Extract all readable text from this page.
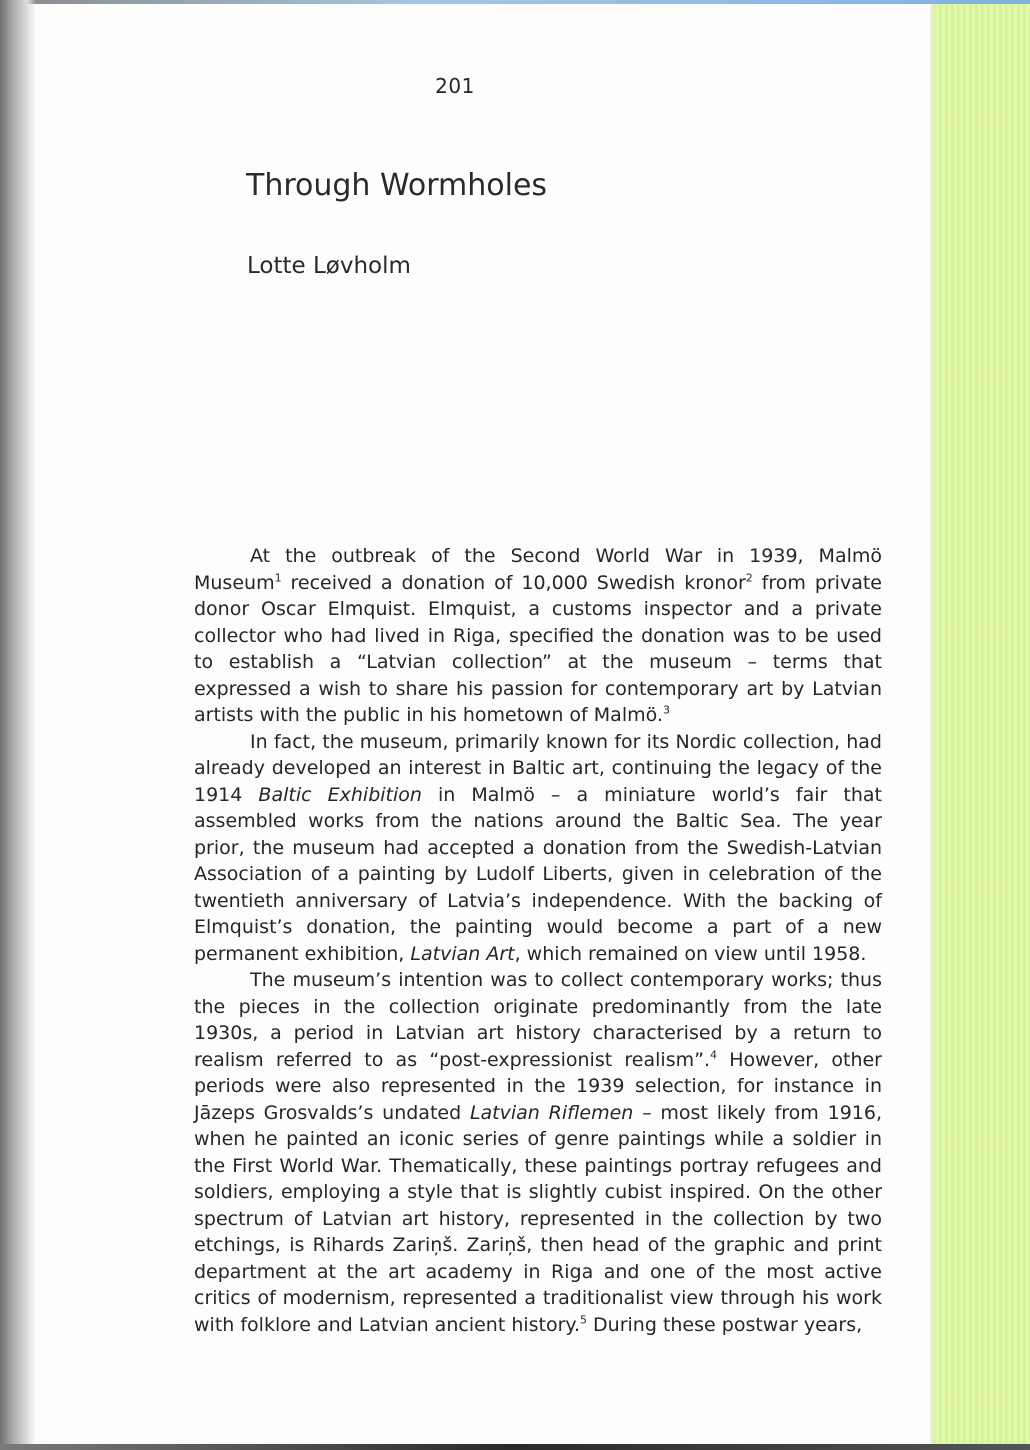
201
Through Wormholes
Lotte Løvholm

At the outbreak of the Second World War in 1939, Malmö Museum$^1$ received a donation of 10,000 Swedish kronor$^2$ from private donor Oscar Elmquist. Elmquist, a customs inspector and a private collector who had lived in Riga, specified the donation was to be used to establish a “Latvian collection” at the museum – terms that expressed a wish to share his passion for contemporary art by Latvian artists with the public in his hometown of Malmö.$^3$

In fact, the museum, primarily known for its Nordic collection, had already developed an interest in Baltic art, continuing the legacy of the 1914 Baltic Exhibition in Malmö – a miniature world’s fair that assembled works from the nations around the Baltic Sea. The year prior, the museum had accepted a donation from the Swedish-Latvian Association of a painting by Ludolf Liberts, given in celebration of the twentieth anniversary of Latvia’s independence. With the backing of Elmquist’s donation, the painting would become a part of a new permanent exhibition, Latvian Art, which remained on view until 1958.

The museum’s intention was to collect contemporary works; thus the pieces in the collection originate predominantly from the late 1930s, a period in Latvian art history characterised by a return to realism referred to as “post-expressionist realism”.$^4$ However, other periods were also represented in the 1939 selection, for instance in Jāzeps Grosvalds’s undated Latvian Riflemen – most likely from 1916, when he painted an iconic series of genre paintings while a soldier in the First World War. Thematically, these paintings portray refugees and soldiers, employing a style that is slightly cubist inspired. On the other spectrum of Latvian art history, represented in the collection by two etchings, is Rihards Zariņš. Zariņš, then head of the graphic and print department at the art academy in Riga and one of the most active critics of modernism, represented a traditionalist view through his work with folklore and Latvian ancient history.$^5$ During these postwar years,
